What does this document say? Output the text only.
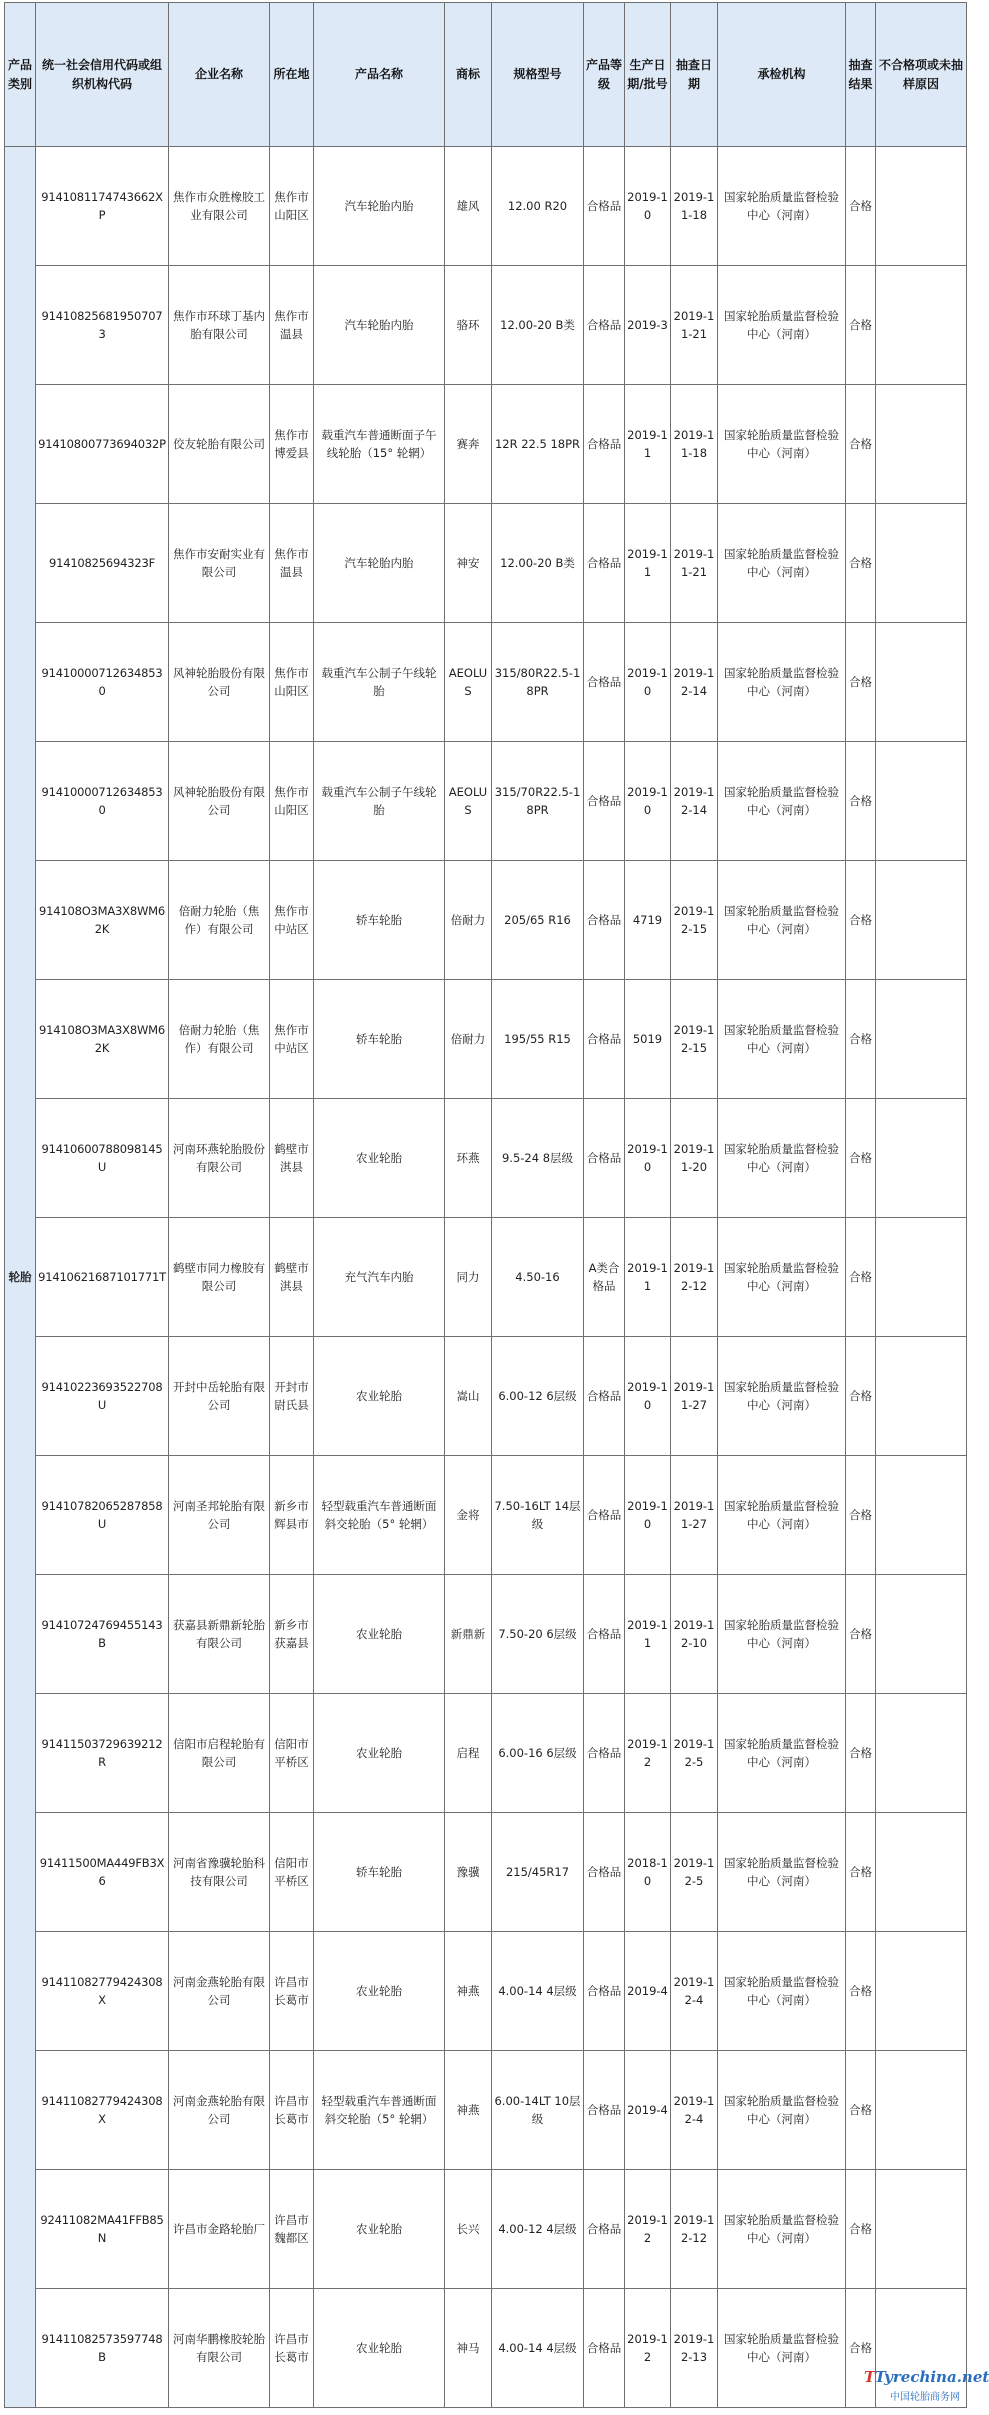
产品类别	统一社会信用代码或组织机构代码	企业名称	所在地	产品名称	商标	规格型号	产品等级	生产日期/批号	抽查日期	承检机构	抽查结果	不合格项或未抽样原因
轮胎	9141081174743662XP	焦作市众胜橡胶工业有限公司	焦作市山阳区	汽车轮胎内胎	雄风	12.00 R20	合格品	2019-10	2019-11-18	国家轮胎质量监督检验中心（河南）	合格	
	914108256819507073	焦作市环球丁基内胎有限公司	焦作市温县	汽车轮胎内胎	骆环	12.00-20 B类	合格品	2019-3	2019-11-21	国家轮胎质量监督检验中心（河南）	合格	
	91410800773694032P	佼友轮胎有限公司	焦作市博爱县	载重汽车普通断面子午线轮胎（15° 轮辋）	赛奔	12R 22.5 18PR	合格品	2019-11	2019-11-18	国家轮胎质量监督检验中心（河南）	合格	
	91410825694323F	焦作市安耐实业有限公司	焦作市温县	汽车轮胎内胎	神安	12.00-20 B类	合格品	2019-11	2019-11-21	国家轮胎质量监督检验中心（河南）	合格	
	914100007126348530	风神轮胎股份有限公司	焦作市山阳区	载重汽车公制子午线轮胎	AEOLUS	315/80R22.5-18PR	合格品	2019-10	2019-12-14	国家轮胎质量监督检验中心（河南）	合格	
	914100007126348530	风神轮胎股份有限公司	焦作市山阳区	载重汽车公制子午线轮胎	AEOLUS	315/70R22.5-18PR	合格品	2019-10	2019-12-14	国家轮胎质量监督检验中心（河南）	合格	
	914108O3MA3X8WM62K	倍耐力轮胎（焦作）有限公司	焦作市中站区	轿车轮胎	倍耐力	205/65 R16	合格品	4719	2019-12-15	国家轮胎质量监督检验中心（河南）	合格	
	914108O3MA3X8WM62K	倍耐力轮胎（焦作）有限公司	焦作市中站区	轿车轮胎	倍耐力	195/55 R15	合格品	5019	2019-12-15	国家轮胎质量监督检验中心（河南）	合格	
	91410600788098145U	河南环燕轮胎股份有限公司	鹤壁市淇县	农业轮胎	环燕	9.5-24 8层级	合格品	2019-10	2019-11-20	国家轮胎质量监督检验中心（河南）	合格	
	91410621687101771T	鹤壁市同力橡胶有限公司	鹤壁市淇县	充气汽车内胎	同力	4.50-16	A类合格品	2019-11	2019-12-12	国家轮胎质量监督检验中心（河南）	合格	
	91410223693522708U	开封中岳轮胎有限公司	开封市尉氏县	农业轮胎	嵩山	6.00-12 6层级	合格品	2019-10	2019-11-27	国家轮胎质量监督检验中心（河南）	合格	
	91410782065287858U	河南圣邦轮胎有限公司	新乡市辉县市	轻型载重汽车普通断面斜交轮胎（5° 轮辋）	金将	7.50-16LT 14层级	合格品	2019-10	2019-11-27	国家轮胎质量监督检验中心（河南）	合格	
	91410724769455143B	获嘉县新鼎新轮胎有限公司	新乡市获嘉县	农业轮胎	新鼎新	7.50-20 6层级	合格品	2019-11	2019-12-10	国家轮胎质量监督检验中心（河南）	合格	
	91411503729639212R	信阳市启程轮胎有限公司	信阳市平桥区	农业轮胎	启程	6.00-16 6层级	合格品	2019-12	2019-12-5	国家轮胎质量监督检验中心（河南）	合格	
	91411500MA449FB3X6	河南省豫骥轮胎科技有限公司	信阳市平桥区	轿车轮胎	豫骥	215/45R17	合格品	2018-10	2019-12-5	国家轮胎质量监督检验中心（河南）	合格	
	91411082779424308X	河南金燕轮胎有限公司	许昌市长葛市	农业轮胎	神燕	4.00-14 4层级	合格品	2019-4	2019-12-4	国家轮胎质量监督检验中心（河南）	合格	
	91411082779424308X	河南金燕轮胎有限公司	许昌市长葛市	轻型载重汽车普通断面斜交轮胎（5° 轮辋）	神燕	6.00-14LT 10层级	合格品	2019-4	2019-12-4	国家轮胎质量监督检验中心（河南）	合格	
	92411082MA41FFB85N	许昌市金路轮胎厂	许昌市魏都区	农业轮胎	长兴	4.00-12 4层级	合格品	2019-12	2019-12-12	国家轮胎质量监督检验中心（河南）	合格	
	91411082573597748B	河南华鹏橡胶轮胎有限公司	许昌市长葛市	农业轮胎	神马	4.00-14 4层级	合格品	2019-12	2019-12-13	国家轮胎质量监督检验中心（河南）	合格	
TTyrechina.net
中国轮胎商务网
